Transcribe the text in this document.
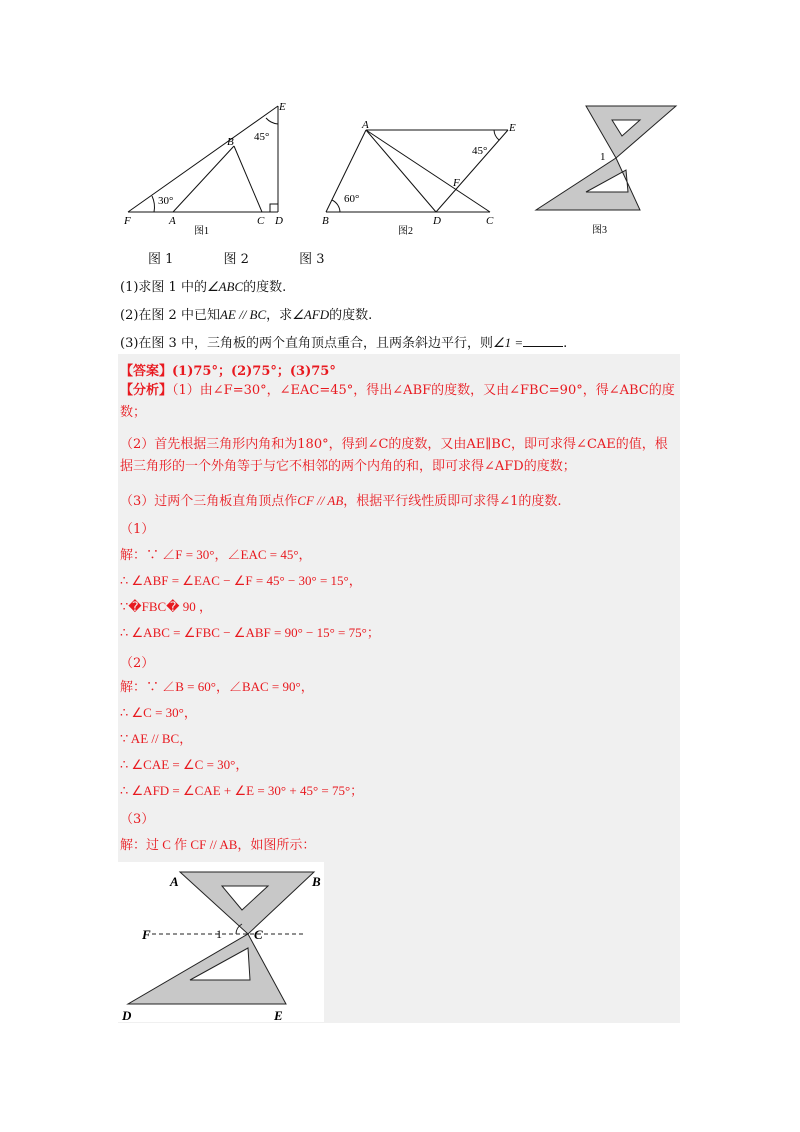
E
B 45°
30°
F	A	C D
图1
A	E
45°
F
60°
B	D	C
图2
1
图3
图 1	图 2	图 3
(1)求图 1 中的∠ABC的度数.
(2)在图 2 中已知AE // BC，求∠AFD的度数.
(3)在图 3 中，三角板的两个直角顶点重合，且两条斜边平行，则∠1 =	.
【答案】(1)75°；(2)75°；(3)75°
【分析】（1）由∠F=30°，∠EAC=45°，得出∠ABF的度数，又由∠FBC=90°，得∠ABC的度数；
（2）首先根据三角形内角和为180°，得到∠C的度数，又由AE∥BC，即可求得∠CAE的值，根据三角形的一个外角等于与它不相邻的两个内角的和，即可求得∠AFD的度数；
（3）过两个三角板直角顶点作CF // AB，根据平行线性质即可求得∠1的度数.
（1）
解：∵ ∠F = 30°，∠EAC = 45°，
∴ ∠ABF = ∠EAC − ∠F = 45° − 30° = 15°，
∵�FBC� 90 ，
∴ ∠ABC = ∠FBC − ∠ABF = 90° − 15° = 75°；
（2）
解：∵ ∠B = 60°，∠BAC = 90°，
∴ ∠C = 30°，
∵ AE // BC，
∴ ∠CAE = ∠C = 30°，
∴ ∠AFD = ∠CAE + ∠E = 30° + 45° = 75°；
（3）
解：过 C 作 CF // AB，如图所示：
A	B
F	1 C
D	E
